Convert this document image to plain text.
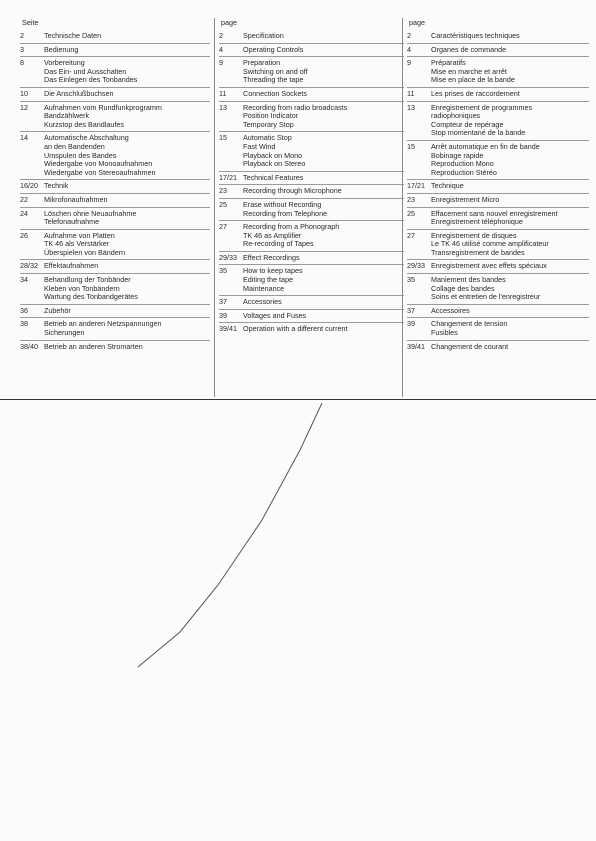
Seite
2	Technische Daten
3	Bedienung
8	Vorbereitung
Das Ein- und Ausschalten
Das Einlegen des Tonbandes
10	Die Anschlußbuchsen
12	Aufnahmen vom Rundfunkprogramm
Bandzählwerk
Kurzstop des Bandlaufes
14	Automatische Abschaltung
an den Bandenden
Umspulen des Bandes
Wiedergabe von Monoaufnahmen
Wiedergabe von Stereoaufnahmen
16/20 Technik
22	Mikrofonaufnahmen
24	Löschen ohne Neuaufnahme
Telefonaufnahme
26	Aufnahme von Platten
TK 46 als Verstärker
Überspielen von Bändern
28/32 Effektaufnahmen
34	Behandlung der Tonbänder
Kleben von Tonbändern
Wartung des Tonbandgerätes
36	Zubehör
38	Betrieb an anderen Netzspannungen
Sicherungen
38/40 Betrieb an anderen Stromarten
page
2	Specification
4	Operating Controls
9	Preparation
Switching on and off
Threading the tape
11	Connection Sockets
13	Recording from radio broadcasts
Position Indicator
Temporary Stop
15	Automatic Stop
Fast Wind
Playback on Mono
Playback on Stereo
17/21 Technical Features
23	Recording through Microphone
25	Erase without Recording
Recording from Telephone
27	Recording from a Phonograph
TK 46 as Amplifier
Re-recording of Tapes
29/33 Effect Recordings
35	How to keep tapes
Editing the tape
Maintenance
37	Accessories
39	Voltages and Fuses
39/41 Operation with a different current
page
2	Caractéristiques techniques
4	Organes de commande
9	Préparatifs
Mise en marche et arrêt
Mise en place de la bande
11	Les prises de raccordement
13	Enregistrement de programmes
radiophoniques
Compteur de repérage
Stop momentané de la bande
15	Arrêt automatique en fin de bande
Bobinage rapide
Reproduction Mono
Reproduction Stéréo
17/21 Technique
23	Enregistrement Micro
25	Effacement sans nouvel enregistrement
Enregistrement téléphonique
27	Enregistrement de disques
Le TK 46 utilisé comme amplificateur
Transregistrement de bandes
29/33 Enregistrement avec effets spéciaux
35	Maniement des bandes
Collage des bandes
Soins et entretien de l'enregistreur
37	Accessoires
39	Changement de tension
Fusibles
39/41 Changement de courant
